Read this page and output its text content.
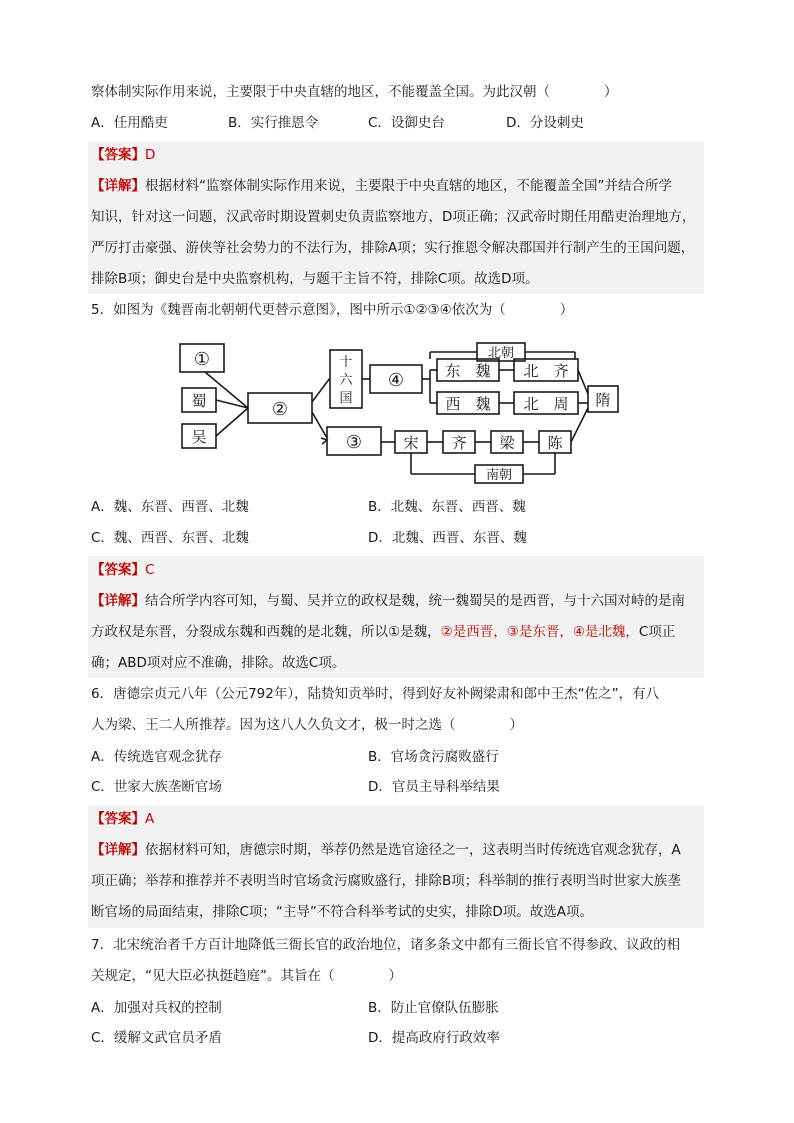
察体制实际作用来说，主要限于中央直辖的地区，不能覆盖全国。为此汉朝（　　　　）
A．任用酷吏	B．实行推恩令	C．设御史台	D．分设刺史
【答案】D
【详解】根据材料“监察体制实际作用来说，主要限于中央直辖的地区，不能覆盖全国”并结合所学
知识，针对这一问题，汉武帝时期设置刺史负责监察地方，D项正确；汉武帝时期任用酷吏治理地方，
严厉打击豪强、游侠等社会势力的不法行为，排除A项；实行推恩令解决郡国并行制产生的王国问题，
排除B项；御史台是中央监察机构，与题干主旨不符，排除C项。故选D项。
5．如图为《魏晋南北朝朝代更替示意图》，图中所示①②③④依次为（　　　　）
①
蜀
吴
②
十
六
国
④
③
东　魏 北　齐
西　魏 北　周 隋
宋 齐 梁 陈
北朝
南朝
A．魏、东晋、西晋、北魏	B．北魏、东晋、西晋、魏
C．魏、西晋、东晋、北魏	D．北魏、西晋、东晋、魏
【答案】C
【详解】结合所学内容可知，与蜀、吴并立的政权是魏，统一魏蜀吴的是西晋，与十六国对峙的是南
方政权是东晋，分裂成东魏和西魏的是北魏，所以①是魏，②是西晋，③是东晋，④是北魏，C项正
确；ABD项对应不准确，排除。故选C项。
6．唐德宗贞元八年（公元792年），陆贽知贡举时，得到好友补阙梁肃和郎中王杰“佐之”，有八
人为梁、王二人所推荐。因为这八人久负文才，极一时之选（　　　　）
A．传统选官观念犹存	B．官场贪污腐败盛行
C．世家大族垄断官场	D．官员主导科举结果
【答案】A
【详解】依据材料可知，唐德宗时期，举荐仍然是选官途径之一，这表明当时传统选官观念犹存，A
项正确；举荐和推荐并不表明当时官场贪污腐败盛行，排除B项；科举制的推行表明当时世家大族垄
断官场的局面结束，排除C项；“主导”不符合科举考试的史实，排除D项。故选A项。
7．北宋统治者千方百计地降低三衙长官的政治地位，诸多条文中都有三衙长官不得参政、议政的相
关规定，“见大臣必执挺趋庭”。其旨在（　　　　）
A．加强对兵权的控制	B．防止官僚队伍膨胀
C．缓解文武官员矛盾	D．提高政府行政效率
